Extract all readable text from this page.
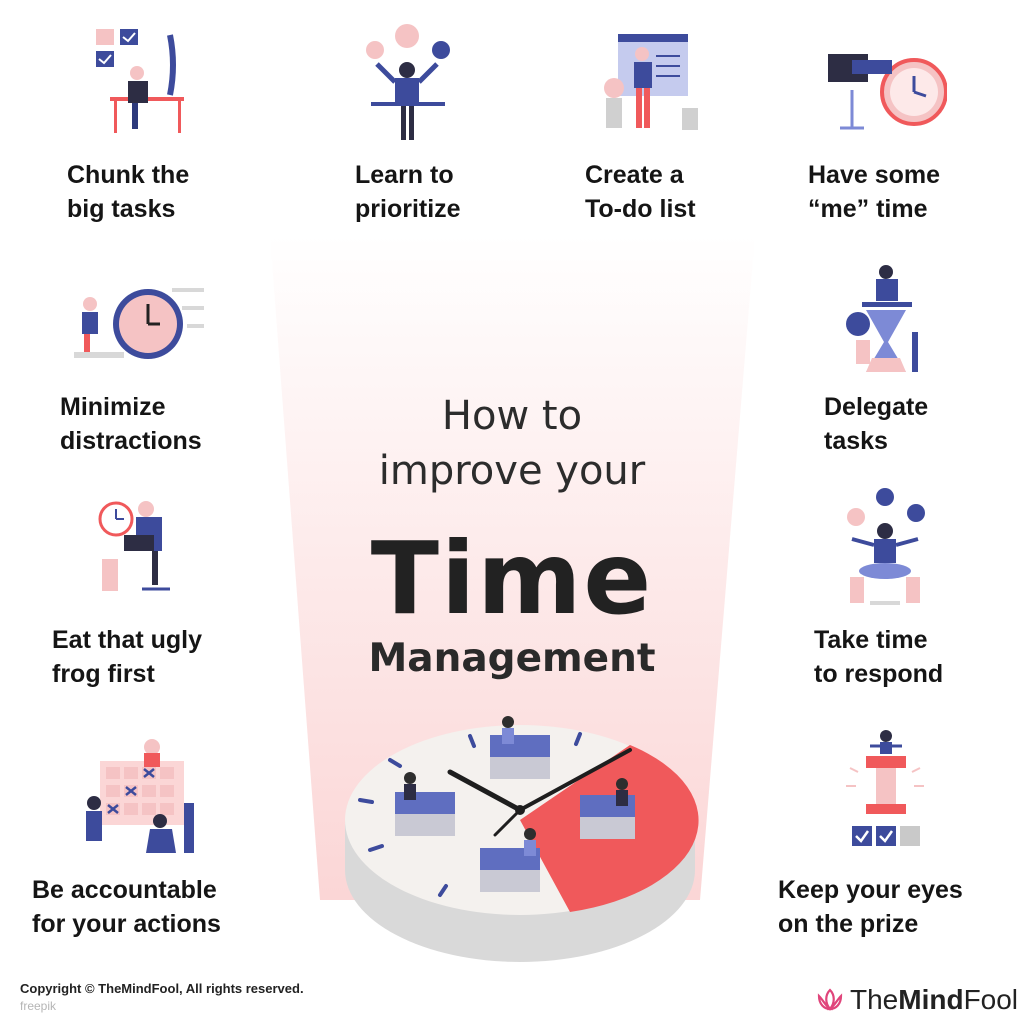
How to
improve your
Time
Management
Chunk the
big tasks
Learn to
prioritize
Create a
To-do list
Have some
“me” time
Minimize
distractions
Delegate
tasks
Eat that ugly
frog first
Take time
to respond
Be accountable
for your actions
Keep your eyes
on the prize
Copyright © TheMindFool, All rights reserved.
freepik	TheMindFool
